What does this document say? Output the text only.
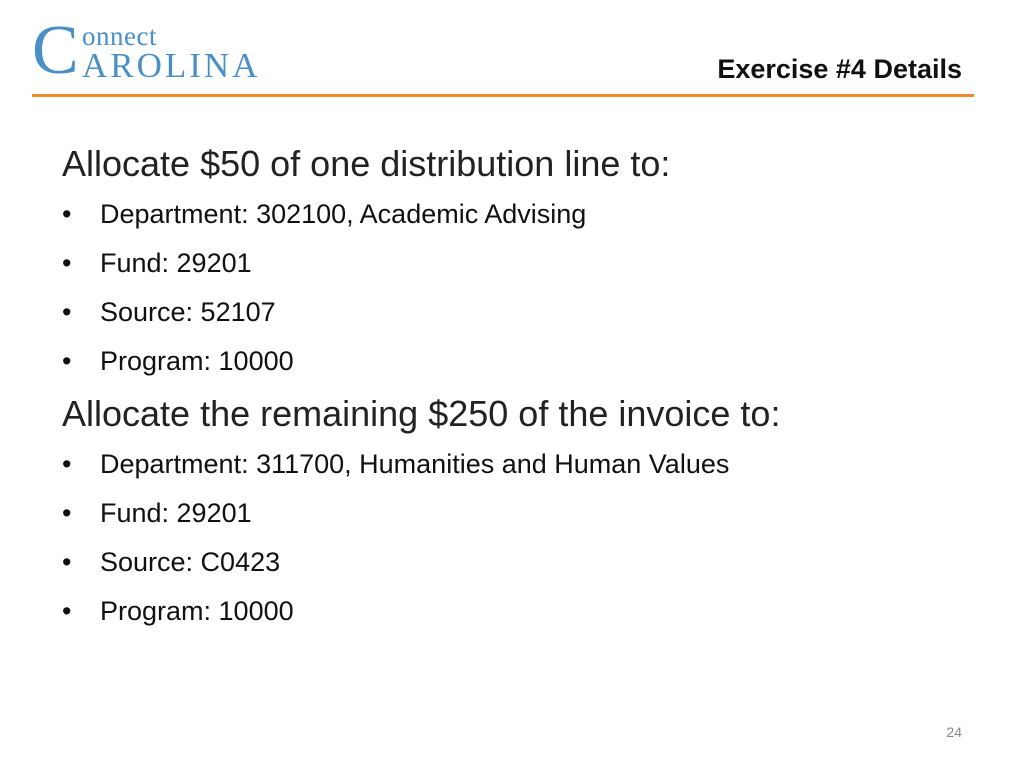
C onnect
AROLINA	Exercise #4 Details
Allocate $50 of one distribution line to:
•	Department: 302100, Academic Advising
•	Fund: 29201
•	Source: 52107
•	Program: 10000
Allocate the remaining $250 of the invoice to:
•	Department: 311700, Humanities and Human Values
•	Fund: 29201
•	Source: C0423
•	Program: 10000
24
